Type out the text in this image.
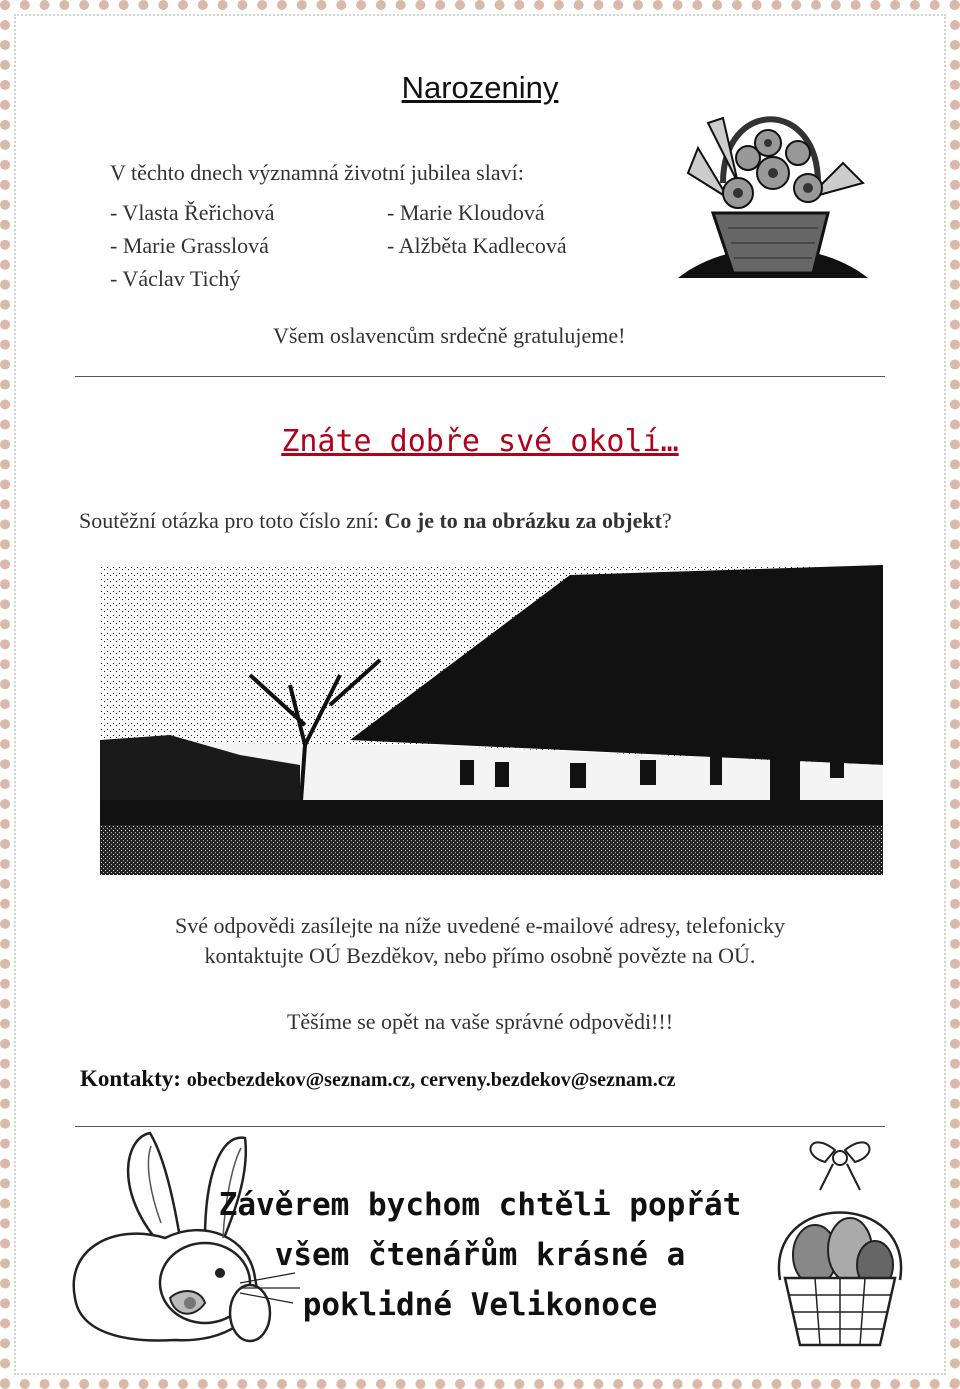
Narozeniny
V těchto dnech významná životní jubilea slaví:
- Vlasta Řeřichová
- Marie Grasslová
- Václav Tichý
- Marie Kloudová
- Alžběta Kadlecová
Všem oslavencům srdečně gratulujeme!
Znáte dobře své okolí…
Soutěžní otázka pro toto číslo zní: Co je to na obrázku za objekt?
Své odpovědi zasílejte na níže uvedené e-mailové adresy, telefonicky
kontaktujte OÚ Bezděkov, nebo přímo osobně povězte na OÚ.
Těšíme se opět na vaše správné odpovědi!!!
Kontakty: obecbezdekov@seznam.cz, cerveny.bezdekov@seznam.cz
Závěrem bychom chtěli popřát
všem čtenářům krásné a
poklidné Velikonoce
